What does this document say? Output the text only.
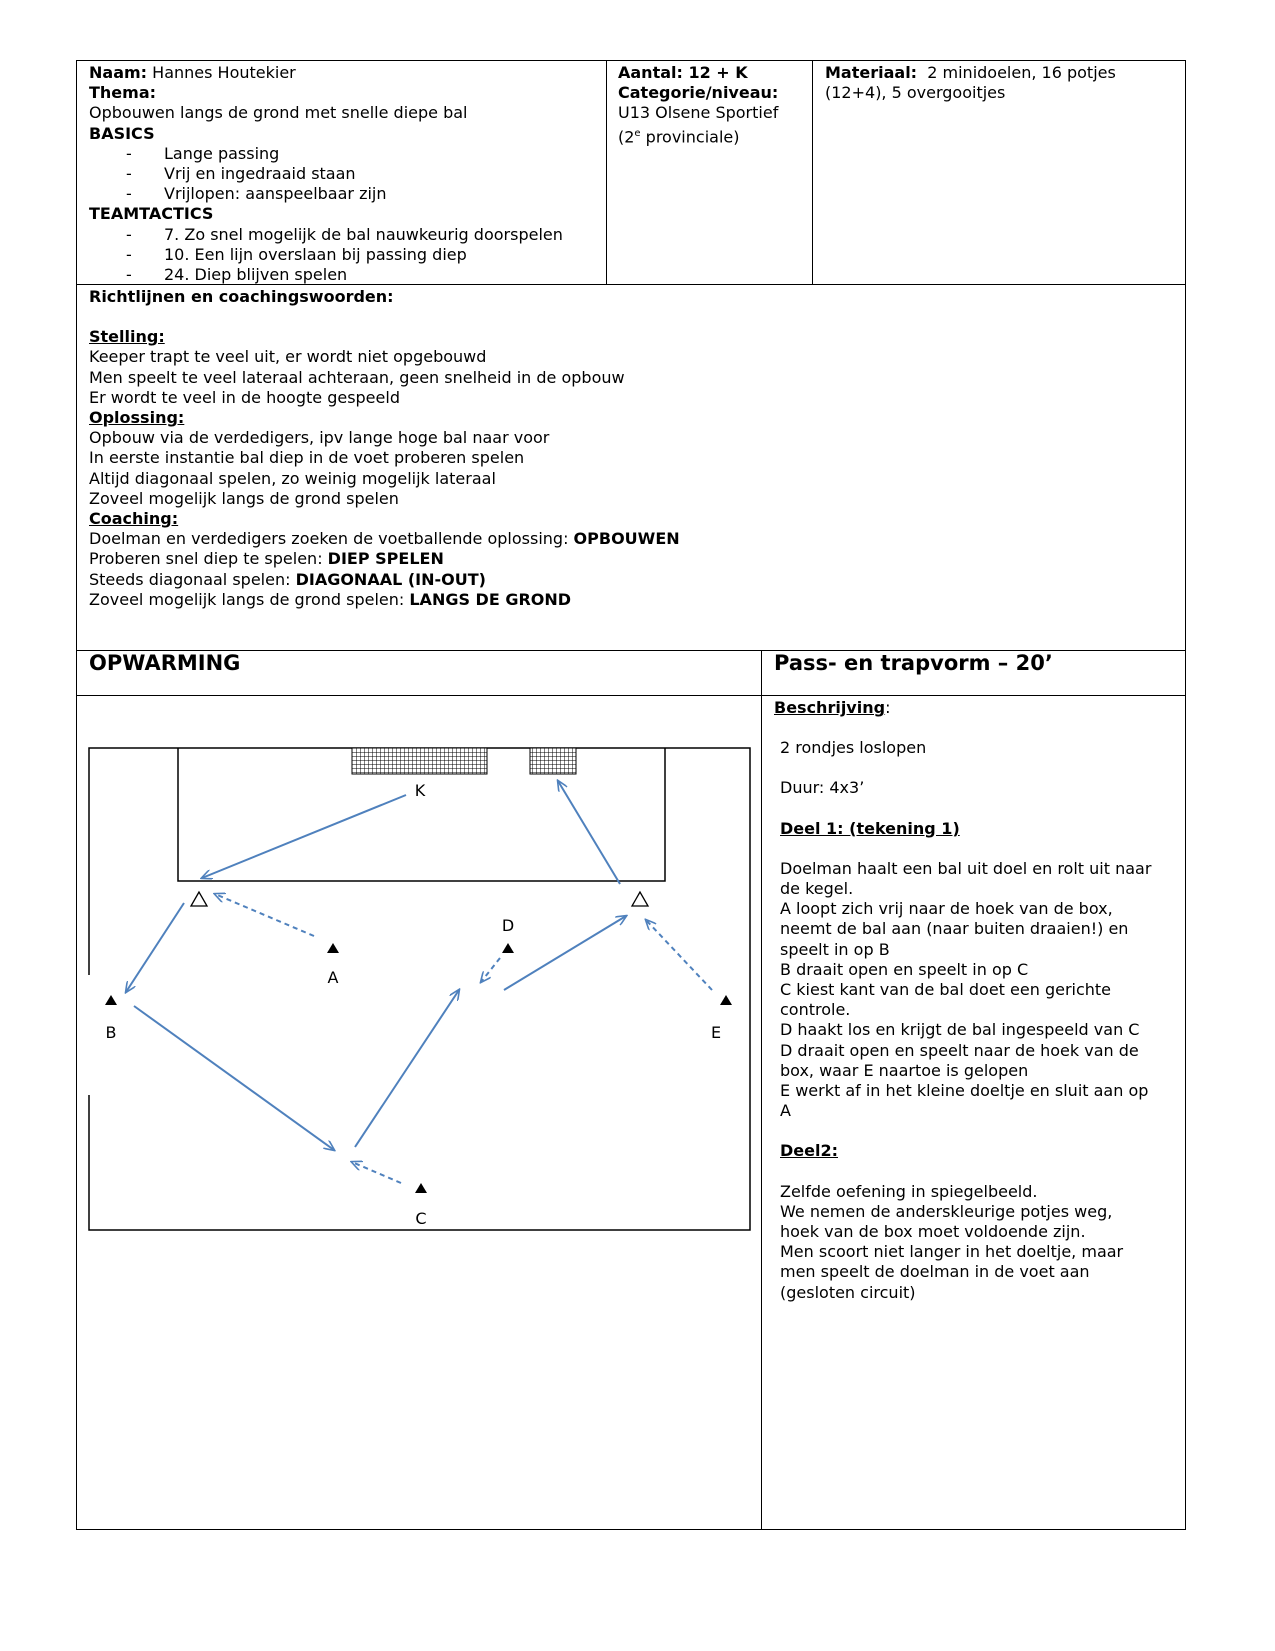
Naam: Hannes Houtekier
Thema:
Opbouwen langs de grond met snelle diepe bal
BASICS
- Lange passing
- Vrij en ingedraaid staan
- Vrijlopen: aanspeelbaar zijn
TEAMTACTICS
- 7. Zo snel mogelijk de bal nauwkeurig doorspelen
- 10. Een lijn overslaan bij passing diep
- 24. Diep blijven spelen
Aantal: 12 + K
Categorie/niveau:
U13 Olsene Sportief
(2e provinciale)
Materiaal: 2 minidoelen, 16 potjes (12+4), 5 overgooitjes
Richtlijnen en coachingswoorden:
Stelling:
Keeper trapt te veel uit, er wordt niet opgebouwd
Men speelt te veel lateraal achteraan, geen snelheid in de opbouw
Er wordt te veel in de hoogte gespeeld
Oplossing:
Opbouw via de verdedigers, ipv lange hoge bal naar voor
In eerste instantie bal diep in de voet proberen spelen
Altijd diagonaal spelen, zo weinig mogelijk lateraal
Zoveel mogelijk langs de grond spelen
Coaching:
Doelman en verdedigers zoeken de voetballende oplossing: OPBOUWEN
Proberen snel diep te spelen: DIEP SPELEN
Steeds diagonaal spelen: DIAGONAAL (IN-OUT)
Zoveel mogelijk langs de grond spelen: LANGS DE GROND
OPWARMING	Pass- en trapvorm – 20’
K
A
B
D
E
C
Beschrijving:
2 rondjes loslopen
Duur: 4x3’
Deel 1: (tekening 1)
Doelman haalt een bal uit doel en rolt uit naar
de kegel.
A loopt zich vrij naar de hoek van de box,
neemt de bal aan (naar buiten draaien!) en
speelt in op B
B draait open en speelt in op C
C kiest kant van de bal doet een gerichte
controle.
D haakt los en krijgt de bal ingespeeld van C
D draait open en speelt naar de hoek van de
box, waar E naartoe is gelopen
E werkt af in het kleine doeltje en sluit aan op
A
Deel2:
Zelfde oefening in spiegelbeeld.
We nemen de anderskleurige potjes weg,
hoek van de box moet voldoende zijn.
Men scoort niet langer in het doeltje, maar
men speelt de doelman in de voet aan
(gesloten circuit)
